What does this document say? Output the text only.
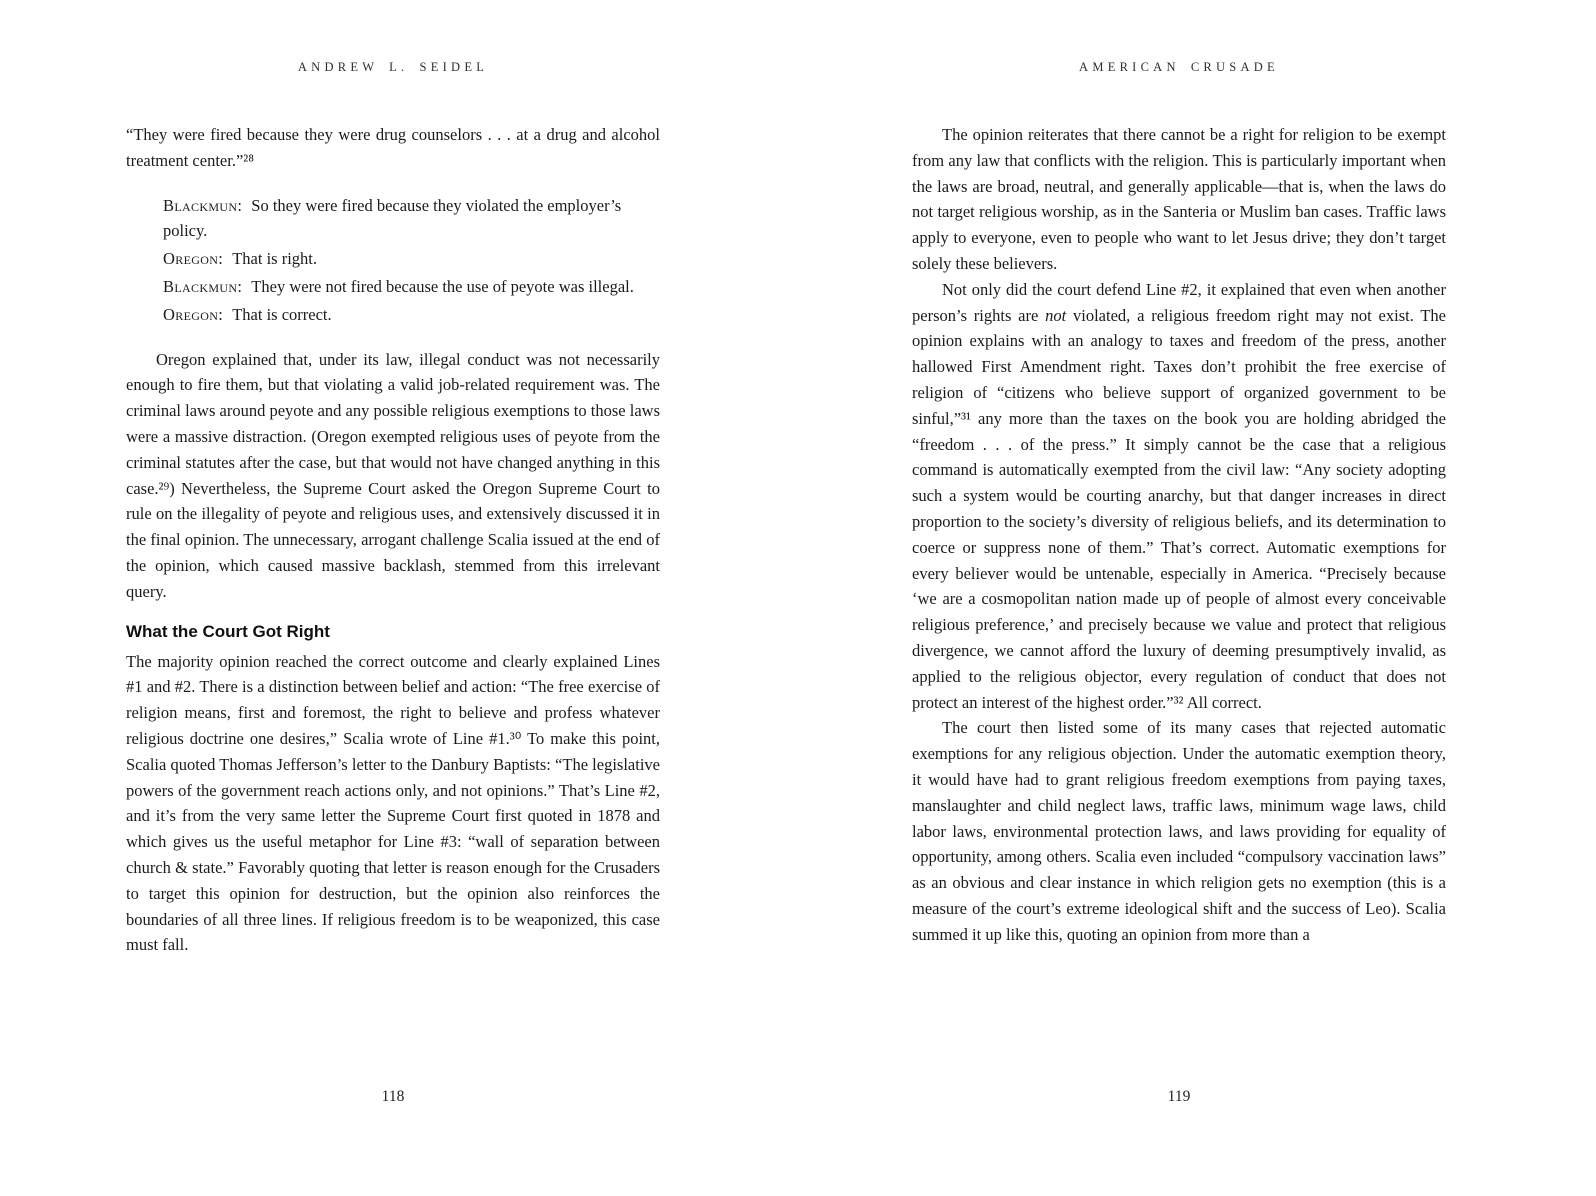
ANDREW L. SEIDEL

“They were fired because they were drug counselors . . . at a drug and alcohol treatment center.”²⁸

Blackmun: So they were fired because they violated the employer’s policy.
Oregon: That is right.
Blackmun: They were not fired because the use of peyote was illegal.
Oregon: That is correct.

Oregon explained that, under its law, illegal conduct was not necessarily enough to fire them, but that violating a valid job-related requirement was. The criminal laws around peyote and any possible religious exemptions to those laws were a massive distraction. (Oregon exempted religious uses of peyote from the criminal statutes after the case, but that would not have changed anything in this case.²⁹) Nevertheless, the Supreme Court asked the Oregon Supreme Court to rule on the illegality of peyote and religious uses, and extensively discussed it in the final opinion. The unnecessary, arrogant challenge Scalia issued at the end of the opinion, which caused massive backlash, stemmed from this irrelevant query.

What the Court Got Right

The majority opinion reached the correct outcome and clearly explained Lines #1 and #2. There is a distinction between belief and action: “The free exercise of religion means, first and foremost, the right to believe and profess whatever religious doctrine one desires,” Scalia wrote of Line #1.³⁰ To make this point, Scalia quoted Thomas Jefferson’s letter to the Danbury Baptists: “The legislative powers of the government reach actions only, and not opinions.” That’s Line #2, and it’s from the very same letter the Supreme Court first quoted in 1878 and which gives us the useful metaphor for Line #3: “wall of separation between church & state.” Favorably quoting that letter is reason enough for the Crusaders to target this opinion for destruction, but the opinion also reinforces the boundaries of all three lines. If religious freedom is to be weaponized, this case must fall.

118
AMERICAN CRUSADE

The opinion reiterates that there cannot be a right for religion to be exempt from any law that conflicts with the religion. This is particularly important when the laws are broad, neutral, and generally applicable—that is, when the laws do not target religious worship, as in the Santeria or Muslim ban cases. Traffic laws apply to everyone, even to people who want to let Jesus drive; they don’t target solely these believers.

Not only did the court defend Line #2, it explained that even when another person’s rights are not violated, a religious freedom right may not exist. The opinion explains with an analogy to taxes and freedom of the press, another hallowed First Amendment right. Taxes don’t prohibit the free exercise of religion of “citizens who believe support of organized government to be sinful,”³¹ any more than the taxes on the book you are holding abridged the “freedom . . . of the press.” It simply cannot be the case that a religious command is automatically exempted from the civil law: “Any society adopting such a system would be courting anarchy, but that danger increases in direct proportion to the society’s diversity of religious beliefs, and its determination to coerce or suppress none of them.” That’s correct. Automatic exemptions for every believer would be untenable, especially in America. “Precisely because ‘we are a cosmopolitan nation made up of people of almost every conceivable religious preference,’ and precisely because we value and protect that religious divergence, we cannot afford the luxury of deeming presumptively invalid, as applied to the religious objector, every regulation of conduct that does not protect an interest of the highest order.”³² All correct.

The court then listed some of its many cases that rejected automatic exemptions for any religious objection. Under the automatic exemption theory, it would have had to grant religious freedom exemptions from paying taxes, manslaughter and child neglect laws, traffic laws, minimum wage laws, child labor laws, environmental protection laws, and laws providing for equality of opportunity, among others. Scalia even included “compulsory vaccination laws” as an obvious and clear instance in which religion gets no exemption (this is a measure of the court’s extreme ideological shift and the success of Leo). Scalia summed it up like this, quoting an opinion from more than a

119
